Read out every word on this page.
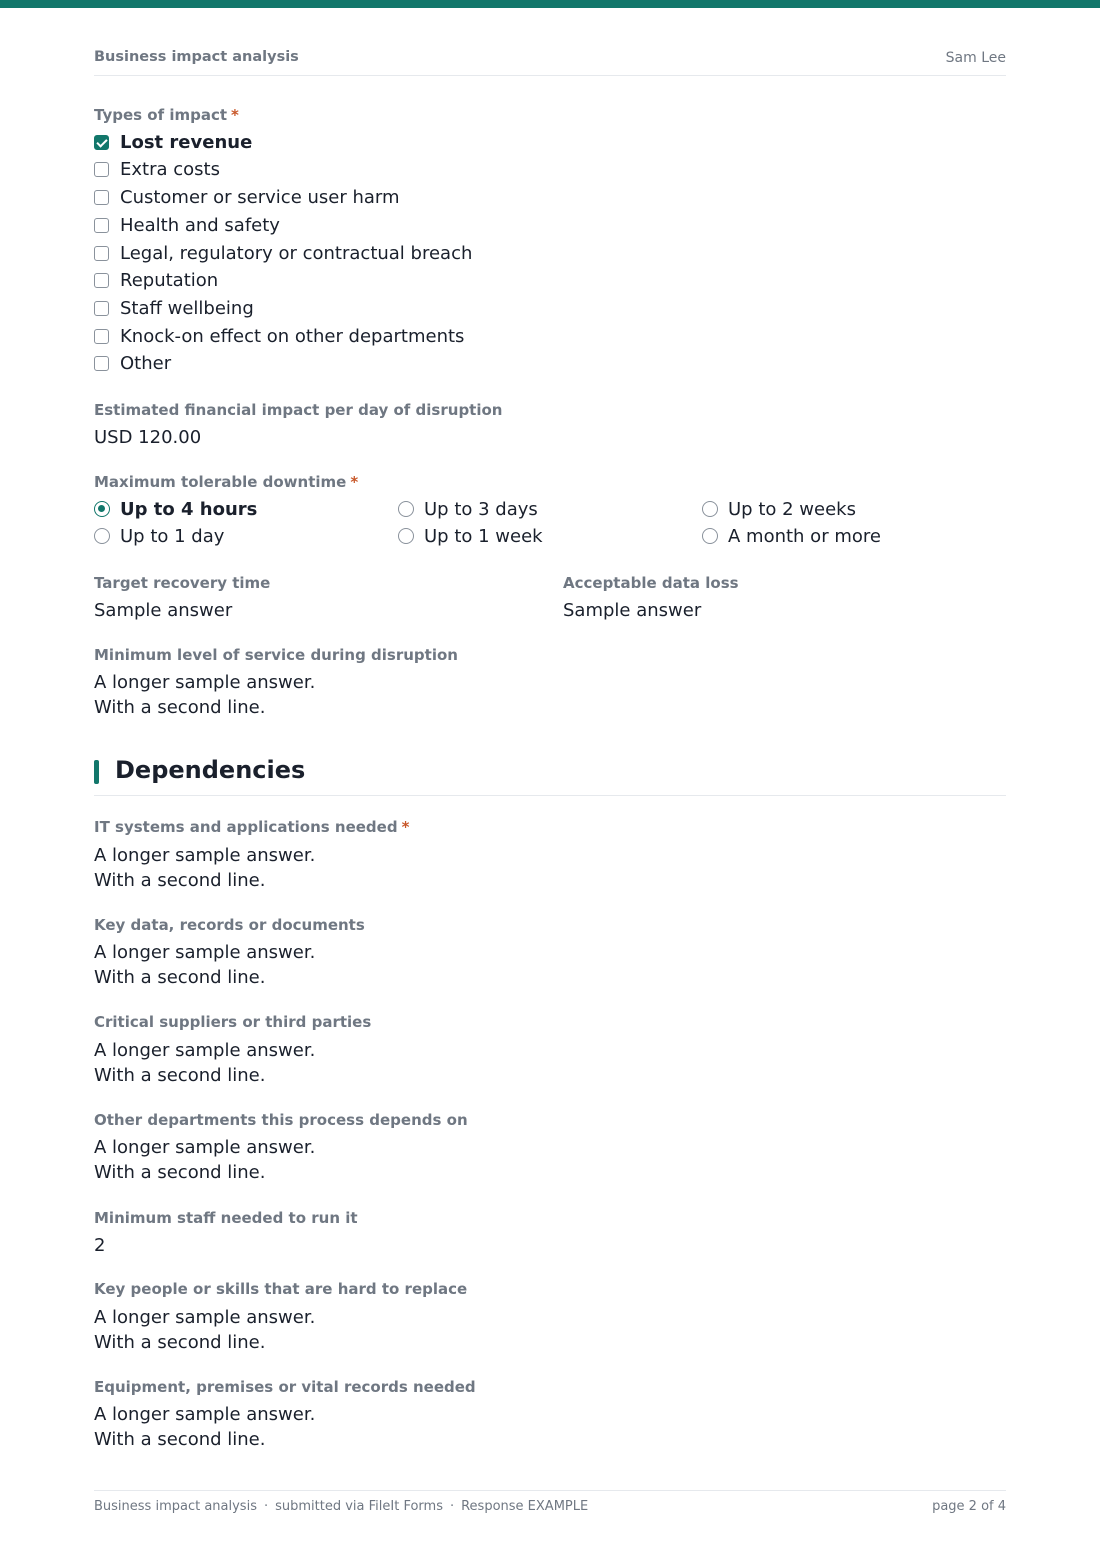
Business impact analysis	Sam Lee
Types of impact *
Lost revenue
Extra costs
Customer or service user harm
Health and safety
Legal, regulatory or contractual breach
Reputation
Staff wellbeing
Knock-on effect on other departments
Other
Estimated financial impact per day of disruption
USD 120.00
Maximum tolerable downtime *
Up to 4 hours
Up to 1 day
Up to 3 days
Up to 1 week
Up to 2 weeks
A month or more
Target recovery time
Sample answer
Acceptable data loss
Sample answer
Minimum level of service during disruption
A longer sample answer.
With a second line.
Dependencies
IT systems and applications needed *
A longer sample answer.
With a second line.
Key data, records or documents
A longer sample answer.
With a second line.
Critical suppliers or third parties
A longer sample answer.
With a second line.
Other departments this process depends on
A longer sample answer.
With a second line.
Minimum staff needed to run it
2
Key people or skills that are hard to replace
A longer sample answer.
With a second line.
Equipment, premises or vital records needed
A longer sample answer.
With a second line.
Business impact analysis · submitted via FileIt Forms · Response EXAMPLE	page 2 of 4
